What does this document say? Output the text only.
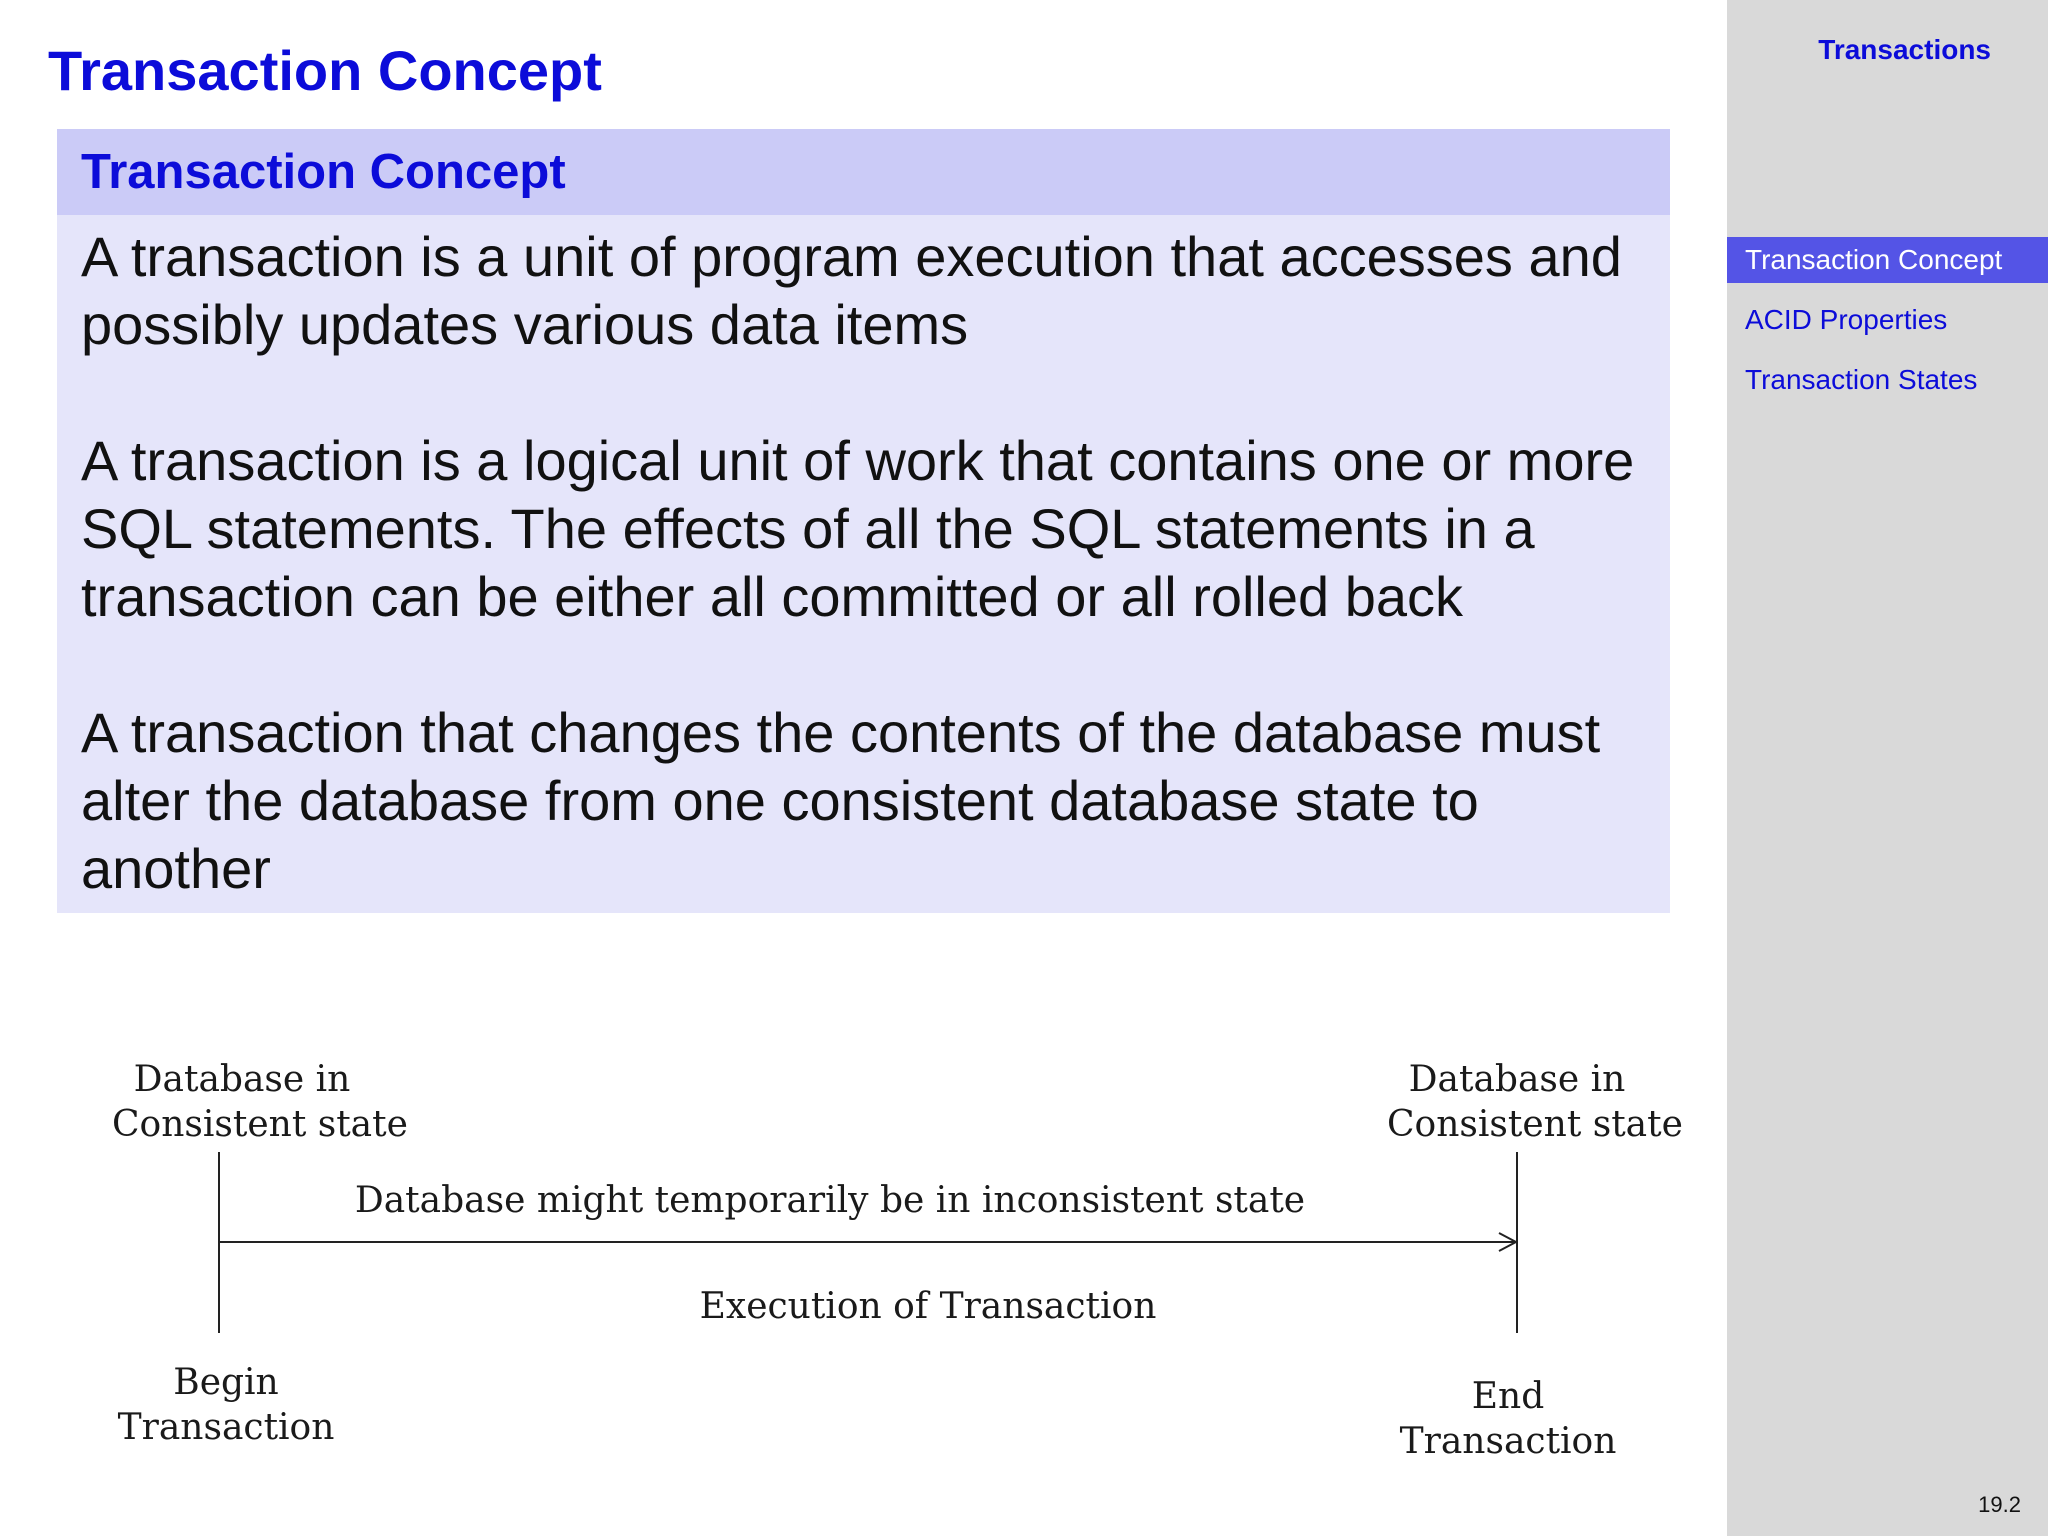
Transaction Concept
Transaction Concept

A transaction is a unit of program execution that accesses and possibly updates various data items

A transaction is a logical unit of work that contains one or more SQL statements. The effects of all the SQL statements in a transaction can be either all committed or all rolled back

A transaction that changes the contents of the database must alter the database from one consistent database state to another

Database in
Consistent state
Database in
Consistent state
Database might temporarily be in inconsistent state
Execution of Transaction
Begin
Transaction
End
Transaction
Transactions
Transaction Concept
ACID Properties
Transaction States
19.2
